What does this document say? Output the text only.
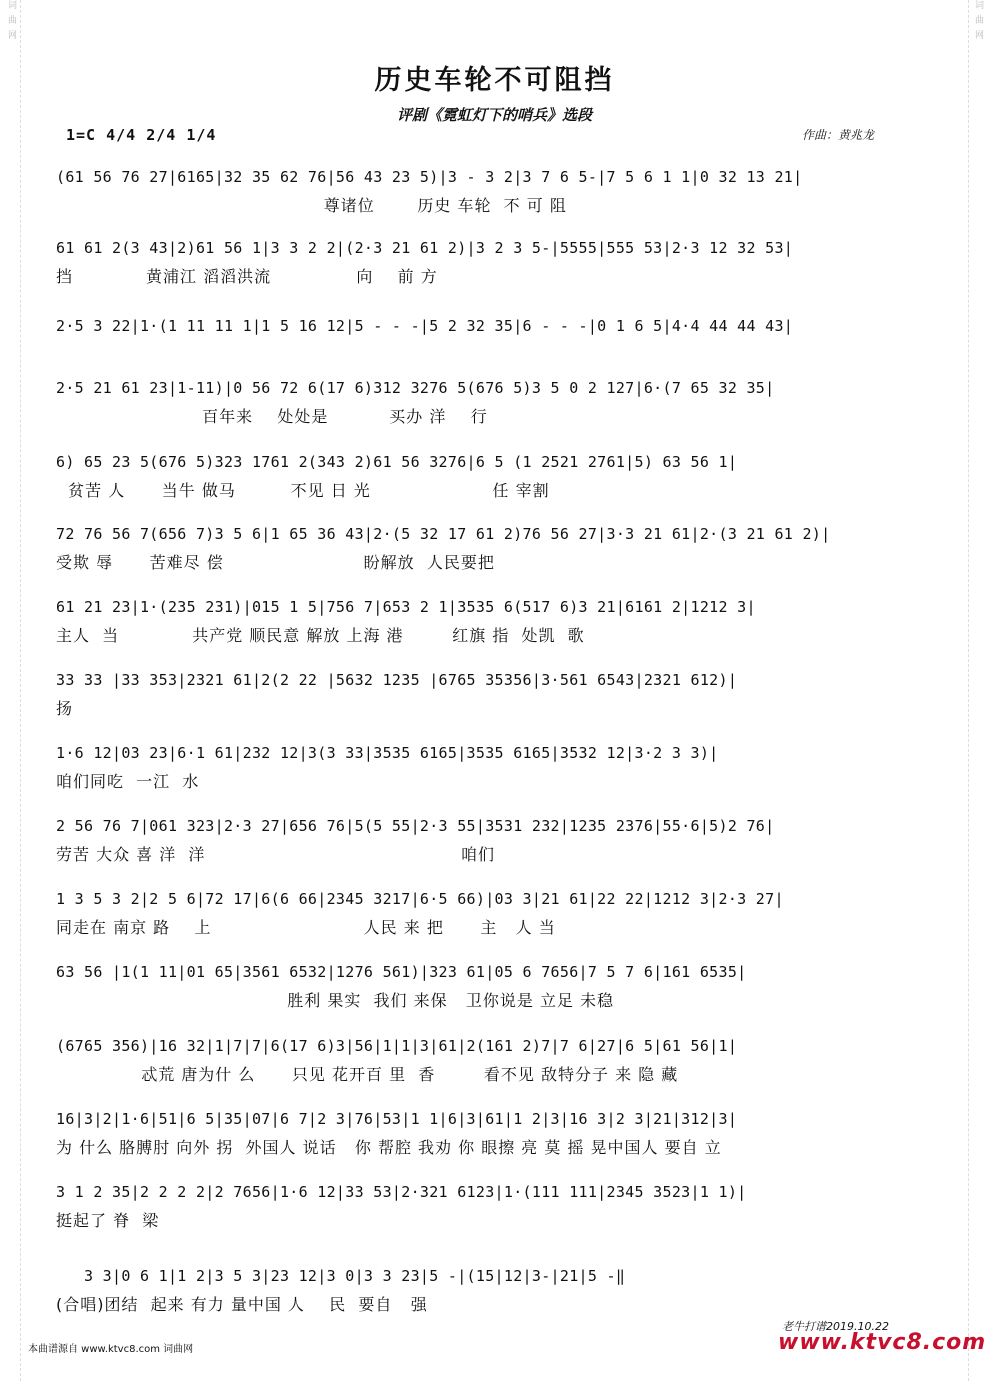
词曲网	词曲网
历史车轮不可阻挡
评剧《霓虹灯下的哨兵》选段
1=C 4/4 2/4 1/4	作曲：黄兆龙
(61 56 76 27|6165|32 35 62 76|56 43 23 5)|3 - 3 2|3 7 6 5-|7 5 6 1 1|0 32 13 21|
尊诸位       历史 车轮  不 可 阻
61 61 2(3 43|2)61 56 1|3 3 2 2|(2·3 21 61 2)|3 2 3 5-|5555|555 53|2·3 12 32 53|
挡            黄浦江 滔滔洪流              向    前 方
2·5 3 22|1·(1 11 11 1|1 5 16 12|5 - - -|5 2 32 35|6 - - -|0 1 6 5|4·4 44 44 43|
2·5 21 61 23|1-11)|0 56 72 6(17 6)312 3276 5(676 5)3 5 0 2 127|6·(7 65 32 35|
百年来    处处是          买办 洋    行
6) 65 23 5(676 5)323 1761 2(343 2)61 56 3276|6 5 (1 2521 2761|5) 63 56 1|
贫苦 人      当牛 做马         不见 日 光                    任 宰割
72 76 56 7(656 7)3 5 6|1 65 36 43|2·(5 32 17 61 2)76 56 27|3·3 21 61|2·(3 21 61 2)|
受欺 辱      苦难尽 偿                       盼解放  人民要把
61 21 23|1·(235 231)|015 1 5|756 7|653 2 1|3535 6(517 6)3 21|6161 2|1212 3|
主人  当            共产党 顺民意 解放 上海 港        红旗 指  处凯  歌
33 33 |33 353|2321 61|2(2 22 |5632 1235 |6765 35356|3·561 6543|2321 612)|
扬
1·6 12|03 23|6·1 61|232 12|3(3 33|3535 6165|3535 6165|3532 12|3·2 3 3)|
咱们同吃  一江  水
2 56 76 7|061 323|2·3 27|656 76|5(5 55|2·3 55|3531 232|1235 2376|55·6|5)2 76|
劳苦 大众 喜 洋  洋                                          咱们
1 3 5 3 2|2 5 6|72 17|6(6 66|2345 3217|6·5 66)|03 3|21 61|22 22|1212 3|2·3 27|
同走在 南京 路    上                         人民 来 把      主   人 当
63 56 |1(1 11|01 65|3561 6532|1276 561)|323 61|05 6 7656|7 5 7 6|161 6535|
胜利 果实  我们 来保   卫你说是 立足 未稳
(6765 356)|16 32|1|7|7|6(17 6)3|56|1|1|3|61|2(161 2)7|7 6|27|6 5|61 56|1|
忒荒 唐为什 么      只见 花开百 里  香        看不见 敌特分子 来 隐 藏
16|3|2|1·6|51|6 5|35|07|6 7|2 3|76|53|1 1|6|3|61|1 2|3|16 3|2 3|21|312|3|
为 什么 胳膊肘 向外 拐  外国人 说话   你 帮腔 我劝 你 眼擦 亮 莫 摇 晃中国人 要自 立
3 1 2 35|2 2 2 2|2 7656|1·6 12|33 53|2·321 6123|1·(111 111|2345 3523|1 1)|
挺起了 脊  梁
3 3|0 6 1|1 2|3 5 3|23 12|3 0|3 3 23|5 -|(15|12|3-|21|5 -‖
(合唱)团结  起来 有力 量中国 人    民  要自   强
本曲谱源自 www.ktvc8.com 词曲网
老牛打谱2019.10.22
www.ktvc8.com
